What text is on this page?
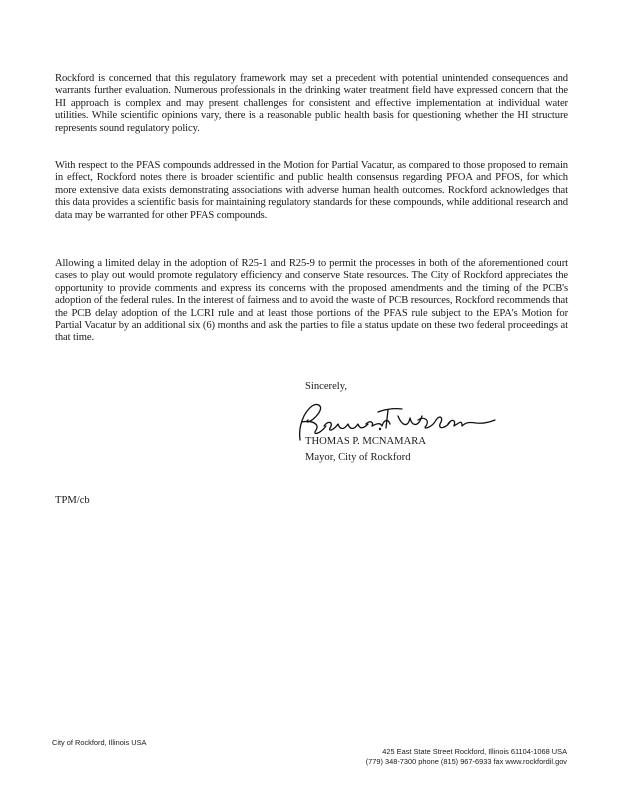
Rockford is concerned that this regulatory framework may set a precedent with potential unintended consequences and warrants further evaluation. Numerous professionals in the drinking water treatment field have expressed concern that the HI approach is complex and may present challenges for consistent and effective implementation at individual water utilities. While scientific opinions vary, there is a reasonable public health basis for questioning whether the HI structure represents sound regulatory policy.

With respect to the PFAS compounds addressed in the Motion for Partial Vacatur, as compared to those proposed to remain in effect, Rockford notes there is broader scientific and public health consensus regarding PFOA and PFOS, for which more extensive data exists demonstrating associations with adverse human health outcomes. Rockford acknowledges that this data provides a scientific basis for maintaining regulatory standards for these compounds, while additional research and data may be warranted for other PFAS compounds.

Allowing a limited delay in the adoption of R25-1 and R25-9 to permit the processes in both of the aforementioned court cases to play out would promote regulatory efficiency and conserve State resources. The City of Rockford appreciates the opportunity to provide comments and express its concerns with the proposed amendments and the timing of the PCB's adoption of the federal rules. In the interest of fairness and to avoid the waste of PCB resources, Rockford recommends that the PCB delay adoption of the LCRI rule and at least those portions of the PFAS rule subject to the EPA's Motion for Partial Vacatur by an additional six (6) months and ask the parties to file a status update on these two federal proceedings at that time.

Sincerely,

THOMAS P. MCNAMARA

Mayor, City of Rockford

TPM/cb

City of Rockford, Illinois USA

425 East State Street Rockford, Illinois 61104-1068 USA
(779) 348-7300 phone (815) 967-6933 fax www.rockfordil.gov
